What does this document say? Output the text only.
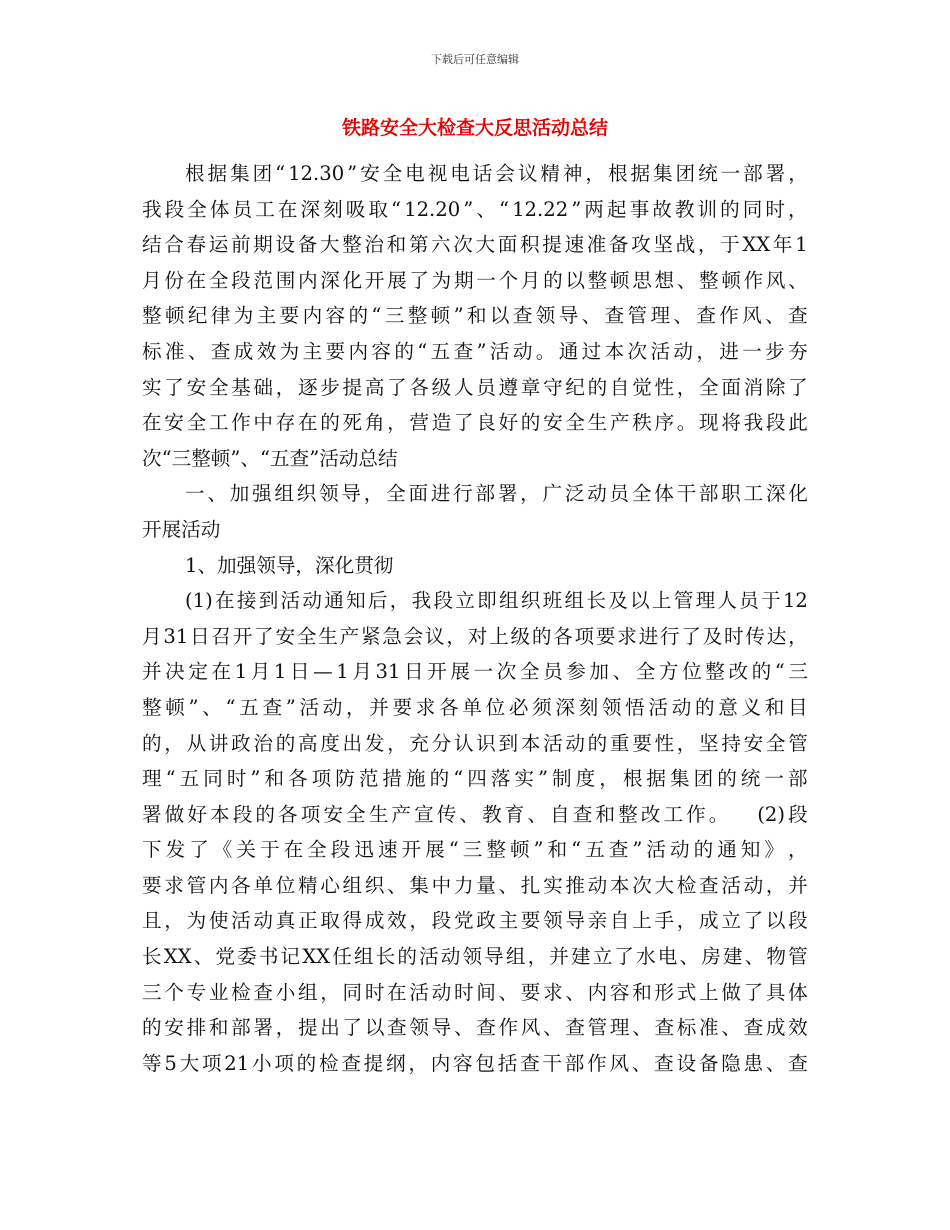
下载后可任意编辑
铁路安全大检查大反思活动总结
根 据 集 团 “ 12.30 ” 安 全 电 视 电 话 会 议 精 神 ， 根 据 集 团 统 一 部 署 ，
我 段 全 体 员 工 在 深 刻 吸 取 “ 12.20 ” 、 “ 12.22 ” 两 起 事 故 教 训 的 同 时 ，
结 合 春 运 前 期 设 备 大 整 治 和 第 六 次 大 面 积 提 速 准 备 攻 坚 战 ， 于 XX 年 1
月 份 在 全 段 范 围 内 深 化 开 展 了 为 期 一 个 月 的 以 整 顿 思 想 、 整 顿 作 风 、
整 顿 纪 律 为 主 要 内 容 的 “ 三 整 顿 ” 和 以 查 领 导 、 查 管 理 、 查 作 风 、 查
标 准 、 查 成 效 为 主 要 内 容 的 “ 五 查 ” 活 动 。 通 过 本 次 活 动 ， 进 一 步 夯
实 了 安 全 基 础 ， 逐 步 提 高 了 各 级 人 员 遵 章 守 纪 的 自 觉 性 ， 全 面 消 除 了
在 安 全 工 作 中 存 在 的 死 角 ， 营 造 了 良 好 的 安 全 生 产 秩 序 。 现 将 我 段 此
次“三整顿”、“五查”活动总结
一 、 加 强 组 织 领 导 ， 全 面 进 行 部 署 ， 广 泛 动 员 全 体 干 部 职 工 深 化
开展活动
1、加强领导，深化贯彻
(1) 在 接 到 活 动 通 知 后 ， 我 段 立 即 组 织 班 组 长 及 以 上 管 理 人 员 于 12
月 31 日 召 开 了 安 全 生 产 紧 急 会 议 ， 对 上 级 的 各 项 要 求 进 行 了 及 时 传 达 ，
并 决 定 在 1 月 1 日 — 1 月 31 日 开 展 一 次 全 员 参 加 、 全 方 位 整 改 的 “ 三
整 顿 ” 、 “ 五 查 ” 活 动 ， 并 要 求 各 单 位 必 须 深 刻 领 悟 活 动 的 意 义 和 目
的 ， 从 讲 政 治 的 高 度 出 发 ， 充 分 认 识 到 本 活 动 的 重 要 性 ， 坚 持 安 全 管
理 “ 五 同 时 ” 和 各 项 防 范 措 施 的 “ 四 落 实 ” 制 度 ， 根 据 集 团 的 统 一 部
署 做 好 本 段 的 各 项 安 全 生 产 宣 传 、 教 育 、 自 查 和 整 改 工 作 。
　 (2) 段
下 发 了 《 关 于 在 全 段 迅 速 开 展 “ 三 整 顿 ” 和 “ 五 查 ” 活 动 的 通 知 》 ，
要 求 管 内 各 单 位 精 心 组 织 、 集 中 力 量 、 扎 实 推 动 本 次 大 检 查 活 动 ， 并
且 ， 为 使 活 动 真 正 取 得 成 效 ， 段 党 政 主 要 领 导 亲 自 上 手 ， 成 立 了 以 段
长 XX 、 党 委 书 记 XX 任 组 长 的 活 动 领 导 组 ， 并 建 立 了 水 电 、 房 建 、 物 管
三 个 专 业 检 查 小 组 ， 同 时 在 活 动 时 间 、 要 求 、 内 容 和 形 式 上 做 了 具 体
的 安 排 和 部 署 ， 提 出 了 以 查 领 导 、 查 作 风 、 查 管 理 、 查 标 准 、 查 成 效
等 5 大 项 21 小 项 的 检 查 提 纲 ， 内 容 包 括 查 干 部 作 风 、 查 设 备 隐 患 、 查
